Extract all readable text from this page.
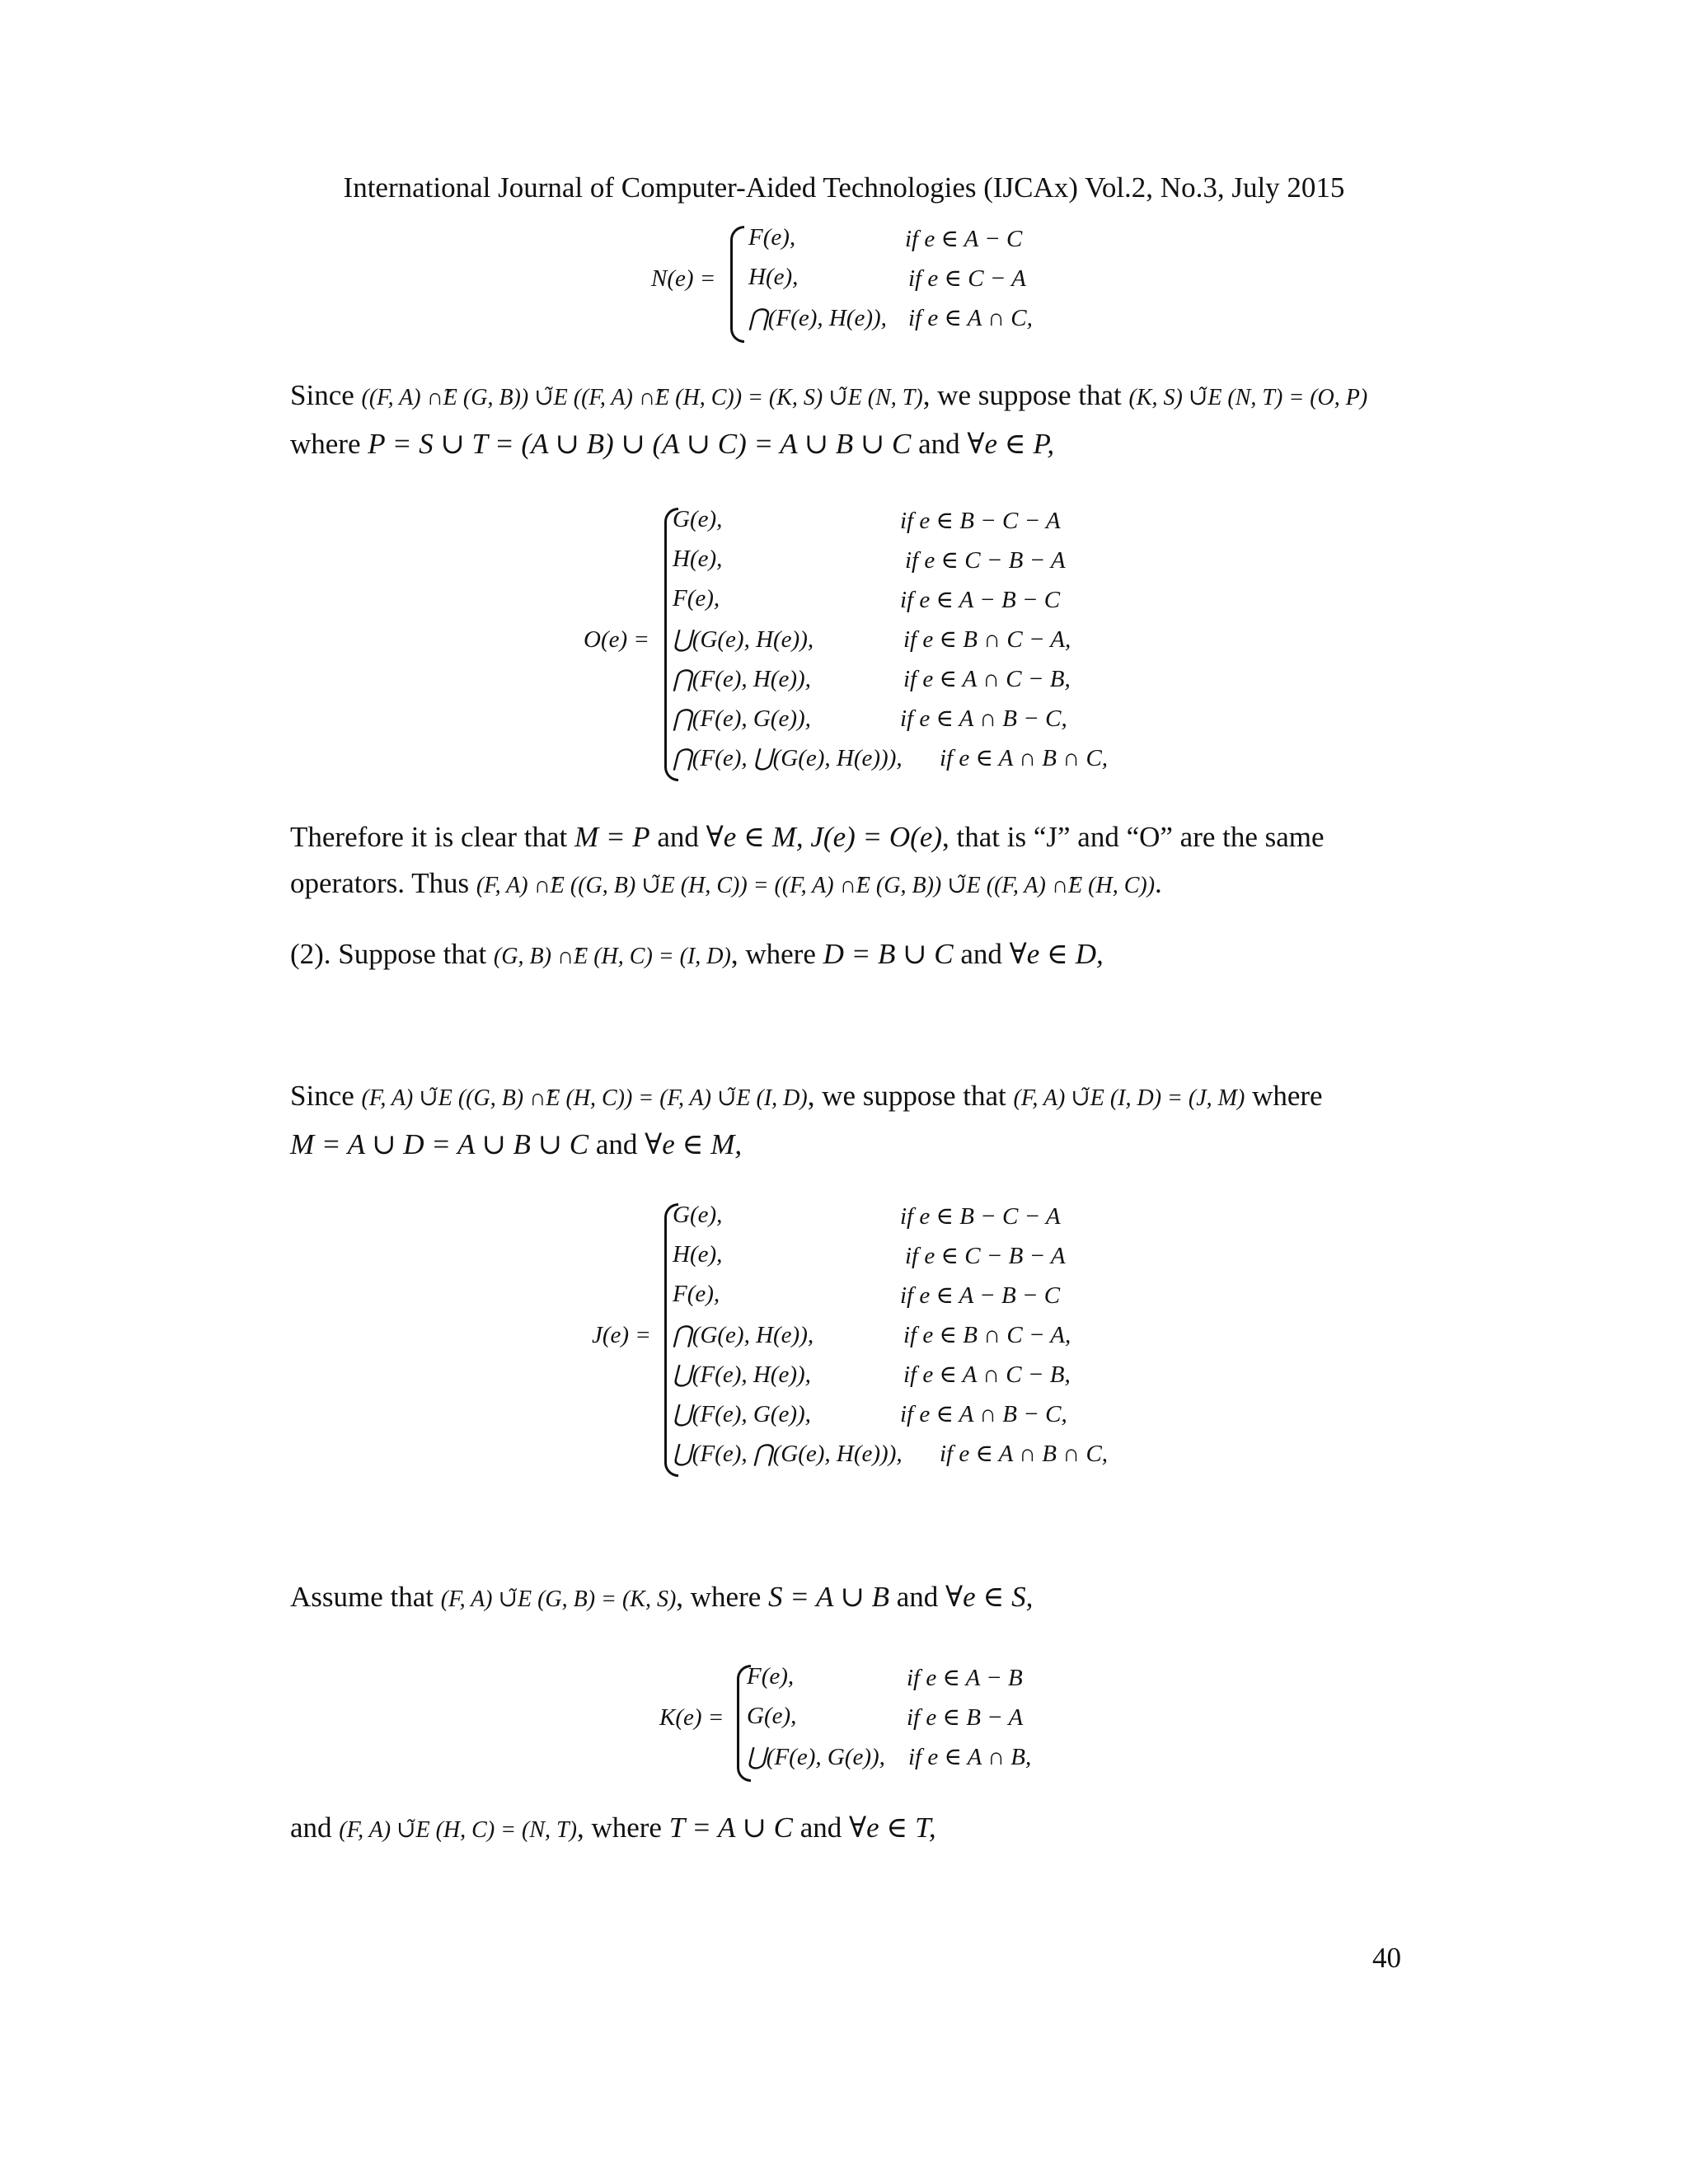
International Journal of Computer-Aided Technologies (IJCAx) Vol.2, No.3, July 2015
N(e) =
F(e),	if e ∈ A − C
H(e),	if e ∈ C − A
⋂(F(e), H(e)), if e ∈ A ∩ C,
Since ((F, A) ∩̃E (G, B)) ∪̃E ((F, A) ∩̃E (H, C)) = (K, S) ∪̃E (N, T), we suppose that (K, S) ∪̃E (N, T) = (O, P)
where P = S ∪ T = (A ∪ B) ∪ (A ∪ C) = A ∪ B ∪ C and ∀e ∈ P,
O(e) =
G(e),	if e ∈ B − C − A
H(e),	if e ∈ C − B − A
F(e),	if e ∈ A − B − C
⋃(G(e), H(e)),	if e ∈ B ∩ C − A,
⋂(F(e), H(e)),	if e ∈ A ∩ C − B,
⋂(F(e), G(e)),	if e ∈ A ∩ B − C,
⋂(F(e), ⋃(G(e), H(e))), if e ∈ A ∩ B ∩ C,
Therefore it is clear that M = P and ∀e ∈ M, J(e) = O(e), that is “J” and “O” are the same
operators. Thus (F, A) ∩̃E ((G, B) ∪̃E (H, C)) = ((F, A) ∩̃E (G, B)) ∪̃E ((F, A) ∩̃E (H, C)).
(2). Suppose that (G, B) ∩̃E (H, C) = (I, D), where D = B ∪ C and ∀e ∈ D,
Since (F, A) ∪̃E ((G, B) ∩̃E (H, C)) = (F, A) ∪̃E (I, D), we suppose that (F, A) ∪̃E (I, D) = (J, M) where
M = A ∪ D = A ∪ B ∪ C and ∀e ∈ M,
J(e) =
G(e),	if e ∈ B − C − A
H(e),	if e ∈ C − B − A
F(e),	if e ∈ A − B − C
⋂(G(e), H(e)),	if e ∈ B ∩ C − A,
⋃(F(e), H(e)),	if e ∈ A ∩ C − B,
⋃(F(e), G(e)),	if e ∈ A ∩ B − C,
⋃(F(e), ⋂(G(e), H(e))), if e ∈ A ∩ B ∩ C,
Assume that (F, A) ∪̃E (G, B) = (K, S), where S = A ∪ B and ∀e ∈ S,
K(e) =
F(e),	if e ∈ A − B
G(e),	if e ∈ B − A
⋃(F(e), G(e)), if e ∈ A ∩ B,
and (F, A) ∪̃E (H, C) = (N, T), where T = A ∪ C and ∀e ∈ T,
40
